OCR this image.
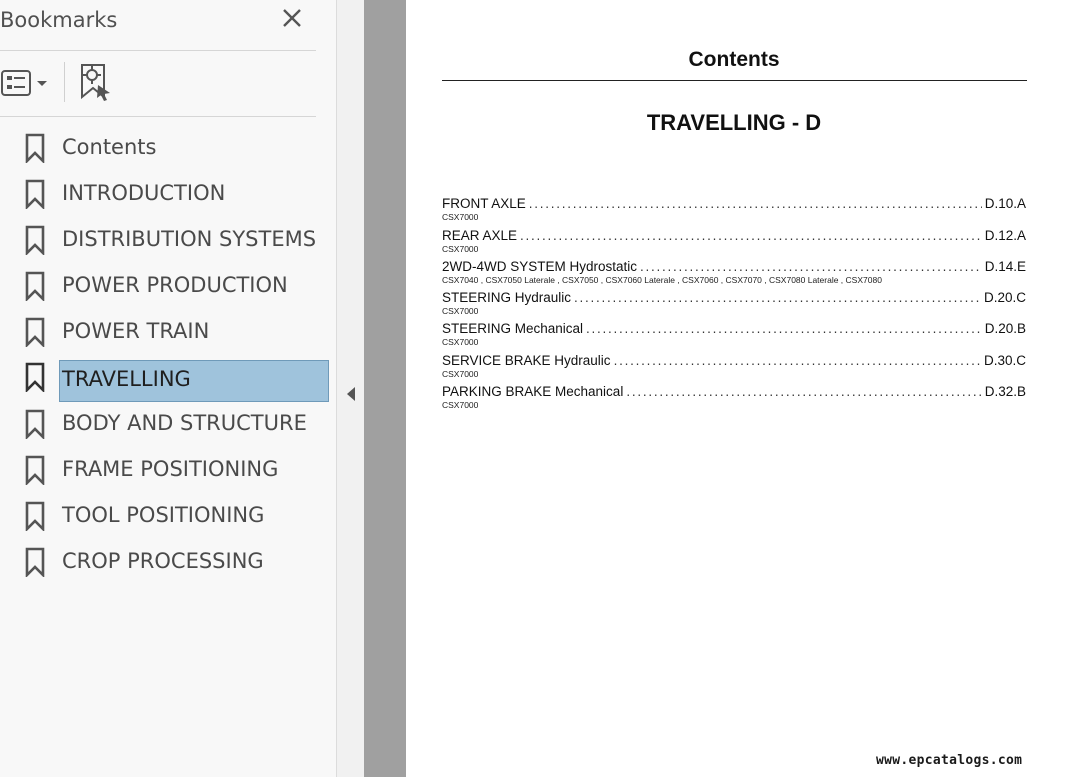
Bookmarks
Contents
INTRODUCTION
DISTRIBUTION SYSTEMS
POWER PRODUCTION
POWER TRAIN
TRAVELLING
BODY AND STRUCTURE
FRAME POSITIONING
TOOL POSITIONING
CROP PROCESSING
Contents
TRAVELLING - D
FRONT AXLE . . .	D.10.A
CSX7000
REAR AXLE . . .	D.12.A
CSX7000
2WD-4WD SYSTEM Hydrostatic . . .	D.14.E
CSX7040 , CSX7050 Laterale , CSX7050 , CSX7060 Laterale , CSX7060 , CSX7070 , CSX7080 Laterale , CSX7080
STEERING Hydraulic . . .	D.20.C
CSX7000
STEERING Mechanical . . .	D.20.B
CSX7000
SERVICE BRAKE Hydraulic . . .	D.30.C
CSX7000
PARKING BRAKE Mechanical . . .	D.32.B
CSX7000
www.epcatalogs.com
